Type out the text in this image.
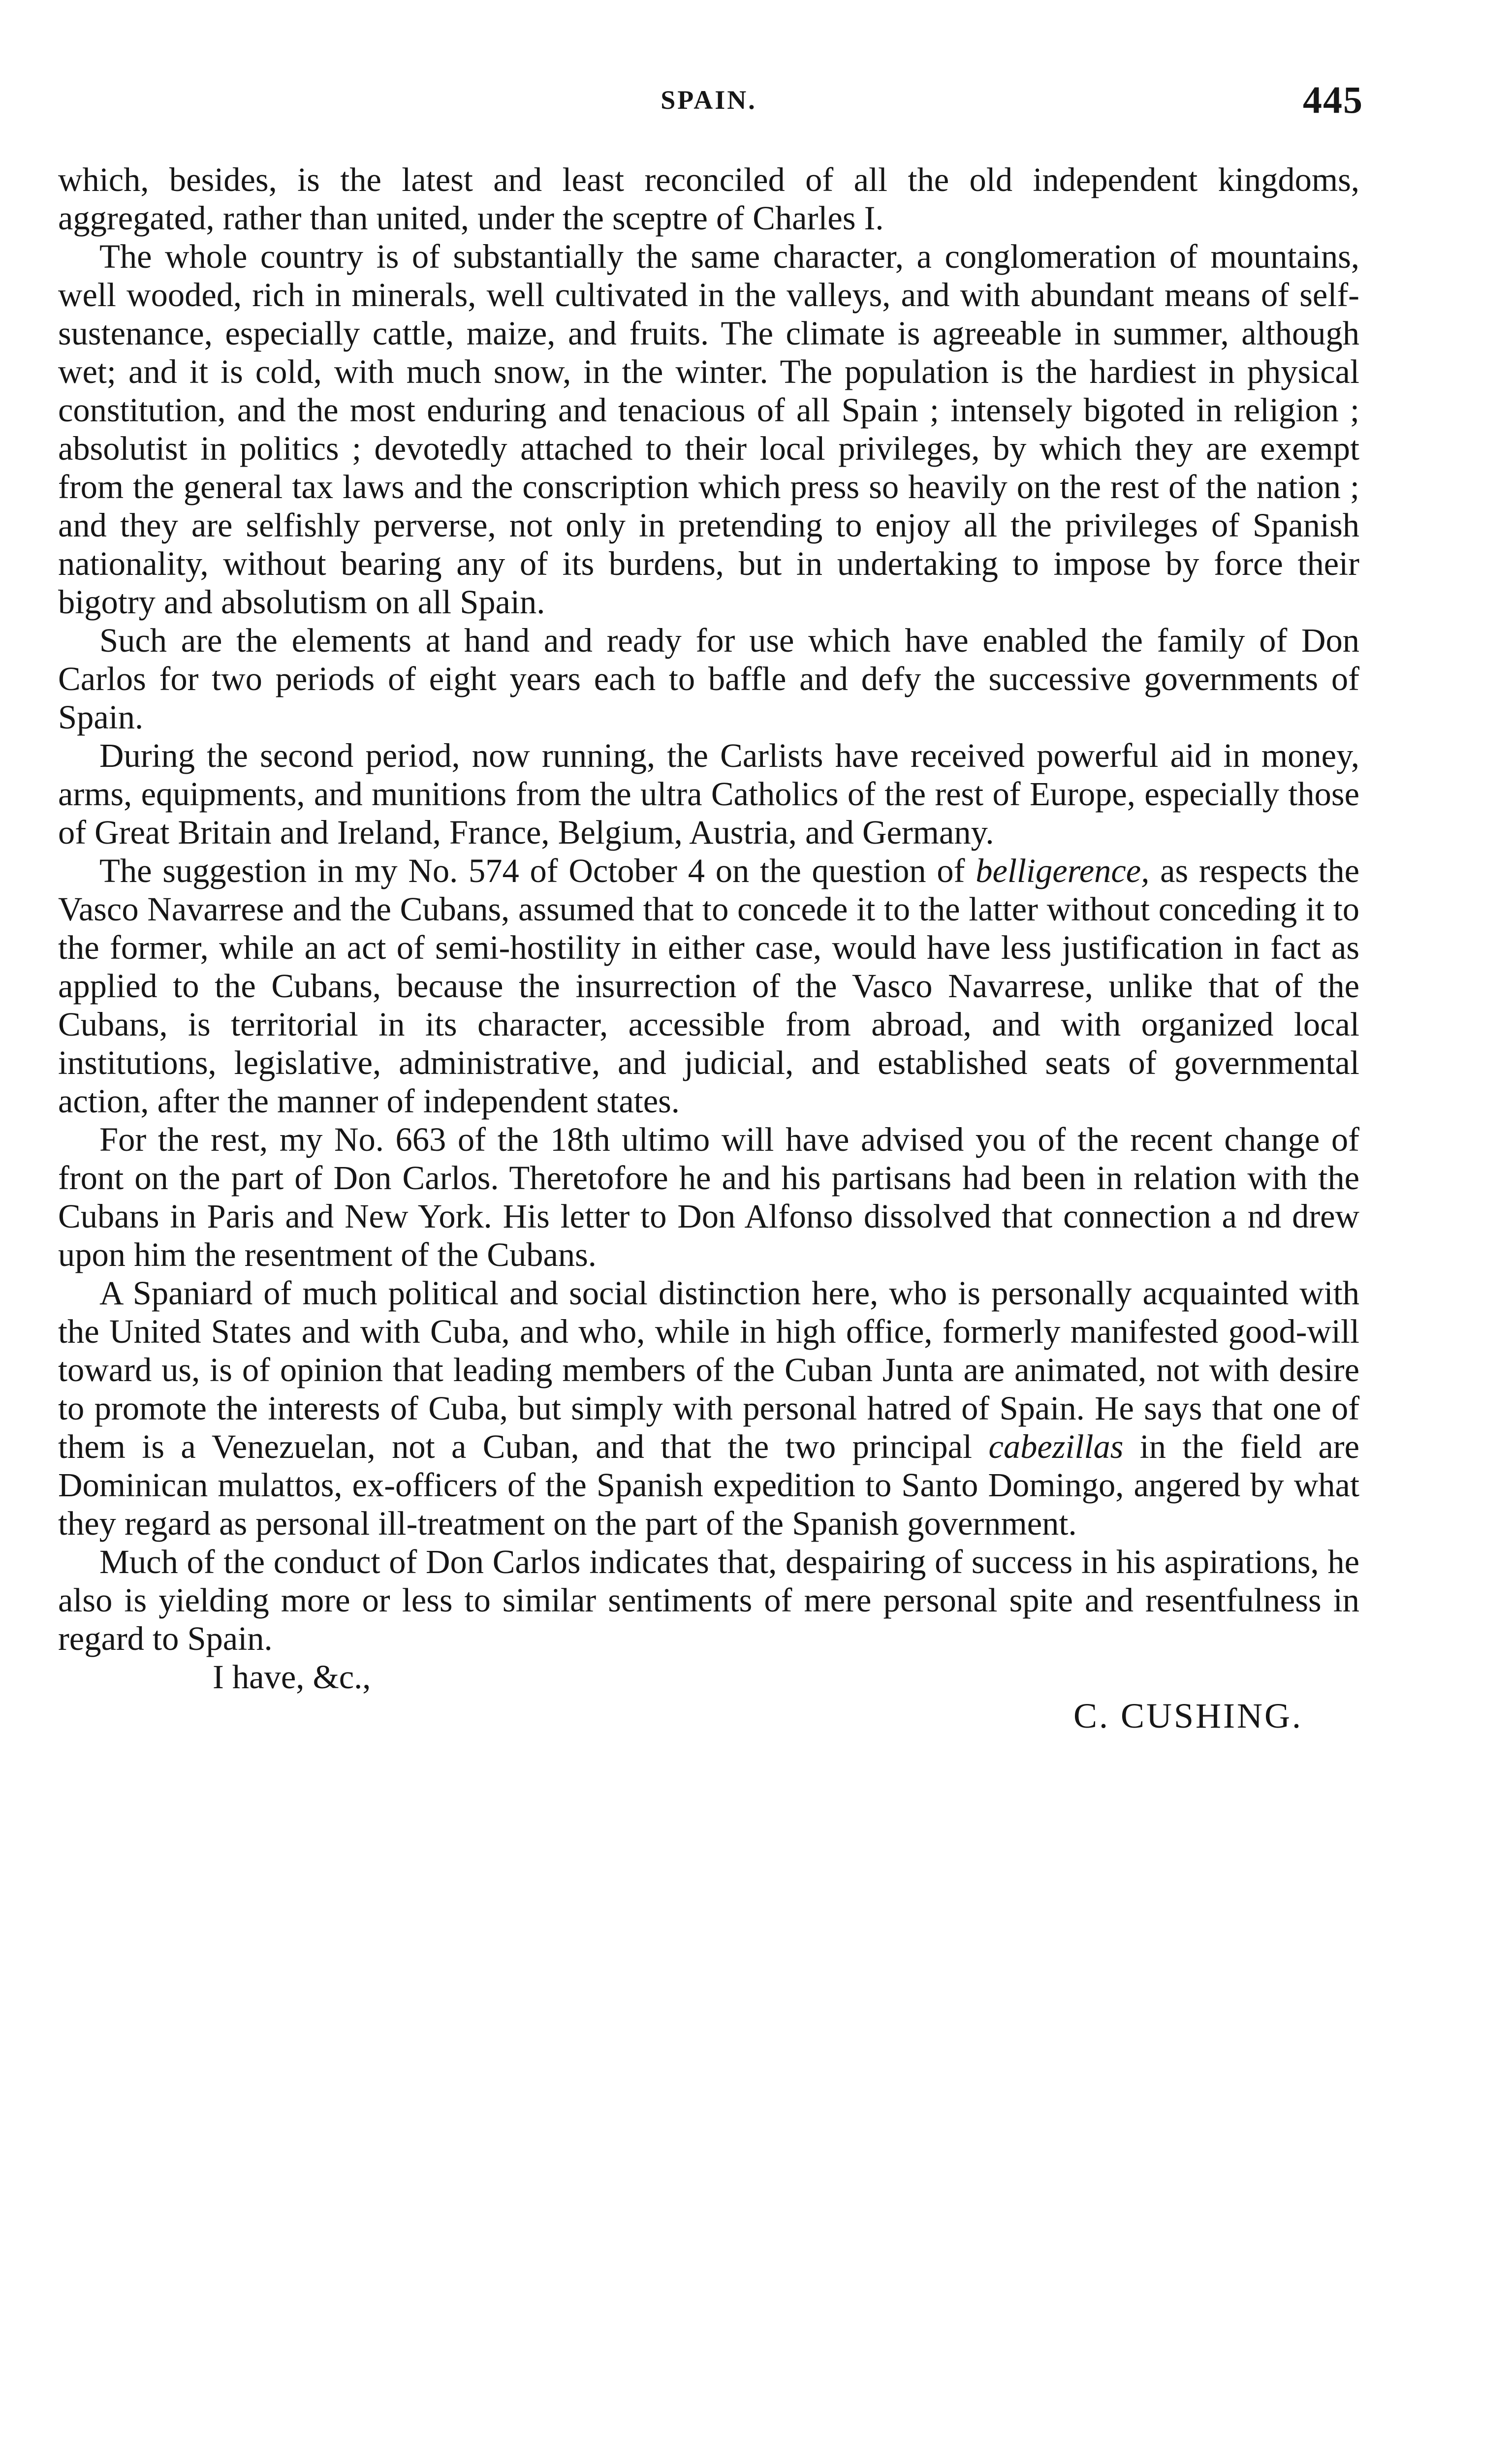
SPAIN.	445

which, besides, is the latest and least reconciled of all the old independent kingdoms, aggregated, rather than united, under the sceptre of Charles I.

The whole country is of substantially the same character, a conglomeration of mountains, well wooded, rich in minerals, well cultivated in the valleys, and with abundant means of self-sustenance, especially cattle, maize, and fruits. The climate is agreeable in summer, although wet; and it is cold, with much snow, in the winter. The population is the hardiest in physical constitution, and the most enduring and tenacious of all Spain ; intensely bigoted in religion ; absolutist in politics ; devotedly attached to their local privileges, by which they are exempt from the general tax laws and the conscription which press so heavily on the rest of the nation ; and they are selfishly perverse, not only in pretending to enjoy all the privileges of Spanish nationality, without bearing any of its burdens, but in undertaking to impose by force their bigotry and absolutism on all Spain.

Such are the elements at hand and ready for use which have enabled the family of Don Carlos for two periods of eight years each to baffle and defy the successive governments of Spain.

During the second period, now running, the Carlists have received powerful aid in money, arms, equipments, and munitions from the ultra Catholics of the rest of Europe, especially those of Great Britain and Ireland, France, Belgium, Austria, and Germany.

The suggestion in my No. 574 of October 4 on the question of belligerence, as respects the Vasco Navarrese and the Cubans, assumed that to concede it to the latter without conceding it to the former, while an act of semi-hostility in either case, would have less justification in fact as applied to the Cubans, because the insurrection of the Vasco Navarrese, unlike that of the Cubans, is territorial in its character, accessible from abroad, and with organized local institutions, legislative, administrative, and judicial, and established seats of governmental action, after the manner of independent states.

For the rest, my No. 663 of the 18th ultimo will have advised you of the recent change of front on the part of Don Carlos. Theretofore he and his partisans had been in relation with the Cubans in Paris and New York. His letter to Don Alfonso dissolved that connection a nd drew upon him the resentment of the Cubans.

A Spaniard of much political and social distinction here, who is personally acquainted with the United States and with Cuba, and who, while in high office, formerly manifested good-will toward us, is of opinion that leading members of the Cuban Junta are animated, not with desire to promote the interests of Cuba, but simply with personal hatred of Spain. He says that one of them is a Venezuelan, not a Cuban, and that the two principal cabezillas in the field are Dominican mulattos, ex-officers of the Spanish expedition to Santo Domingo, angered by what they regard as personal ill-treatment on the part of the Spanish government.

Much of the conduct of Don Carlos indicates that, despairing of success in his aspirations, he also is yielding more or less to similar sentiments of mere personal spite and resentfulness in regard to Spain.

I have, &c.,

C. CUSHING.
